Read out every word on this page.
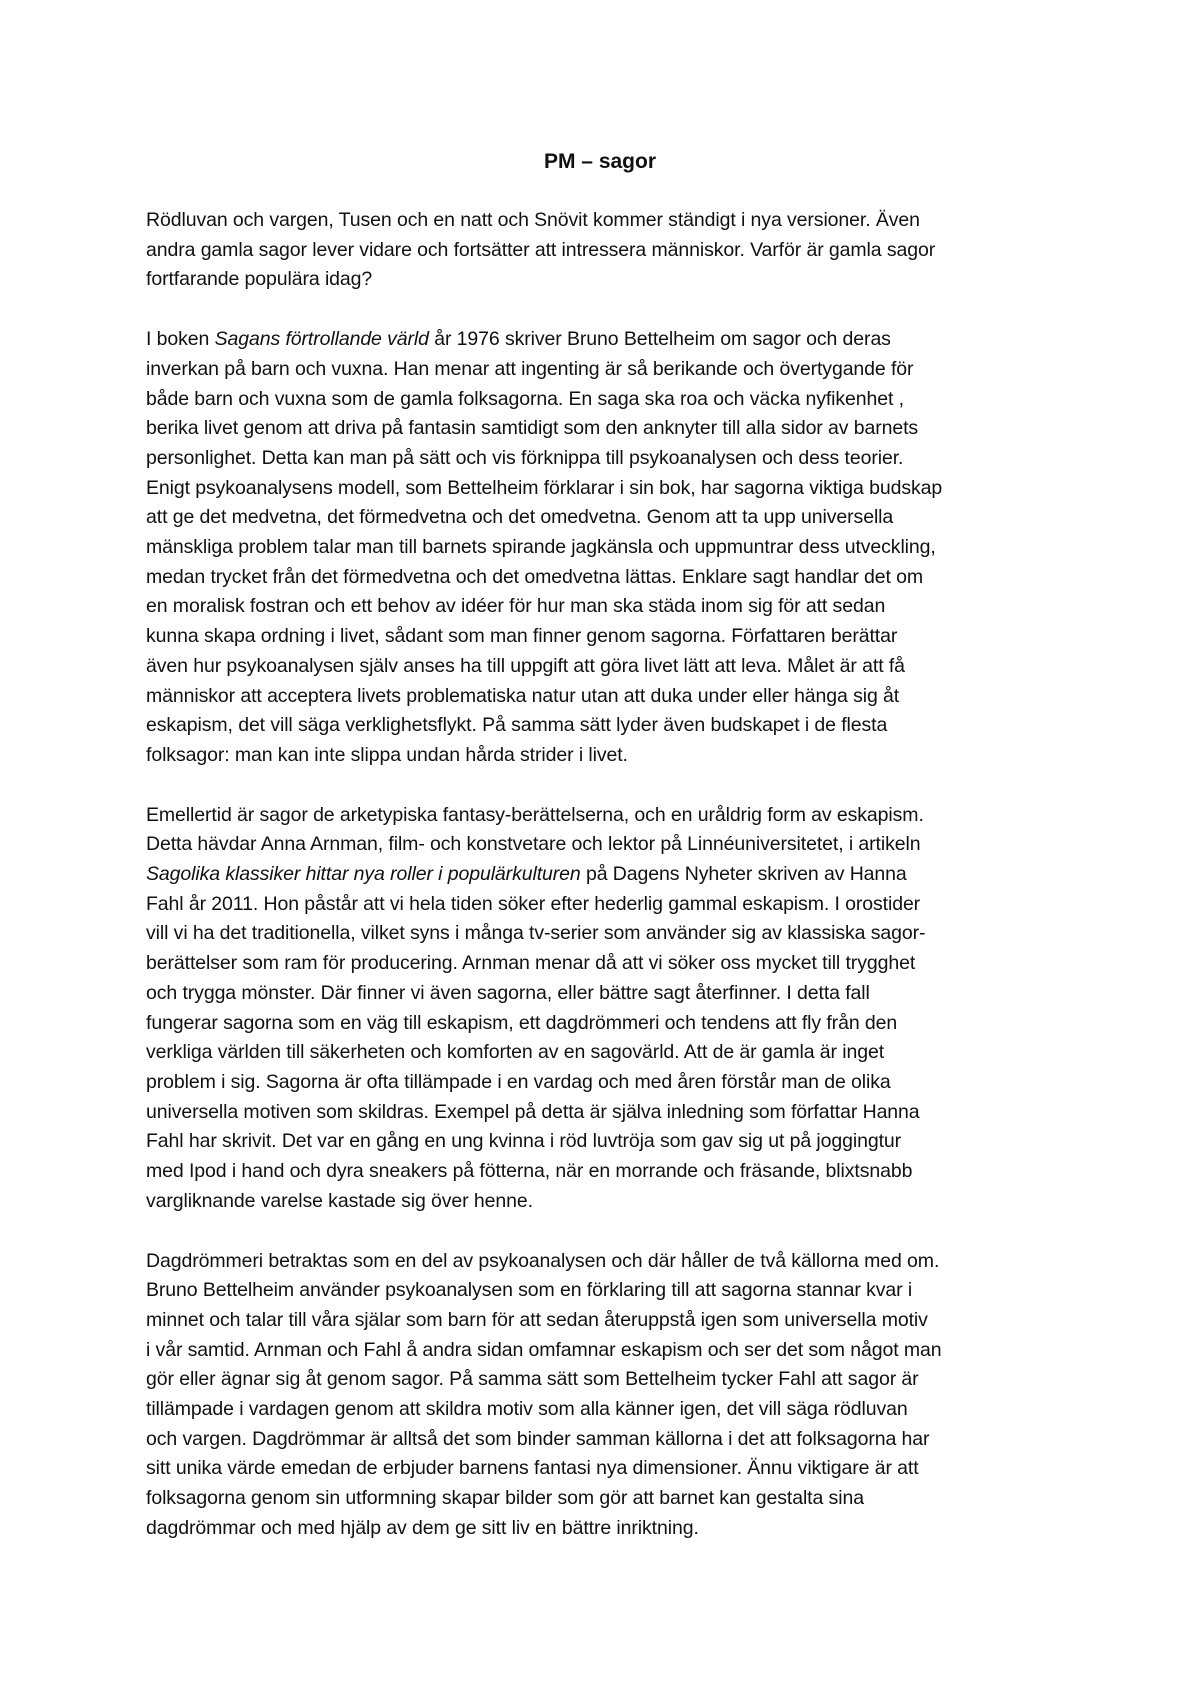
PM – sagor

Rödluvan och vargen, Tusen och en natt och Snövit kommer ständigt i nya versioner. Även
andra gamla sagor lever vidare och fortsätter att intressera människor. Varför är gamla sagor
fortfarande populära idag?

I boken Sagans förtrollande värld år 1976 skriver Bruno Bettelheim om sagor och deras
inverkan på barn och vuxna. Han menar att ingenting är så berikande och övertygande för
både barn och vuxna som de gamla folksagorna. En saga ska roa och väcka nyfikenhet ,
berika livet genom att driva på fantasin samtidigt som den anknyter till alla sidor av barnets
personlighet. Detta kan man på sätt och vis förknippa till psykoanalysen och dess teorier.
Enigt psykoanalysens modell, som Bettelheim förklarar i sin bok, har sagorna viktiga budskap
att ge det medvetna, det förmedvetna och det omedvetna. Genom att ta upp universella
mänskliga problem talar man till barnets spirande jagkänsla och uppmuntrar dess utveckling,
medan trycket från det förmedvetna och det omedvetna lättas. Enklare sagt handlar det om
en moralisk fostran och ett behov av idéer för hur man ska städa inom sig för att sedan
kunna skapa ordning i livet, sådant som man finner genom sagorna. Författaren berättar
även hur psykoanalysen själv anses ha till uppgift att göra livet lätt att leva. Målet är att få
människor att acceptera livets problematiska natur utan att duka under eller hänga sig åt
eskapism, det vill säga verklighetsflykt. På samma sätt lyder även budskapet i de flesta
folksagor: man kan inte slippa undan hårda strider i livet.

Emellertid är sagor de arketypiska fantasy-berättelserna, och en uråldrig form av eskapism.
Detta hävdar Anna Arnman, film- och konstvetare och lektor på Linnéuniversitetet, i artikeln
Sagolika klassiker hittar nya roller i populärkulturen på Dagens Nyheter skriven av Hanna
Fahl år 2011. Hon påstår att vi hela tiden söker efter hederlig gammal eskapism. I orostider
vill vi ha det traditionella, vilket syns i många tv-serier som använder sig av klassiska sagor-
berättelser som ram för producering. Arnman menar då att vi söker oss mycket till trygghet
och trygga mönster. Där finner vi även sagorna, eller bättre sagt återfinner. I detta fall
fungerar sagorna som en väg till eskapism, ett dagdrömmeri och tendens att fly från den
verkliga världen till säkerheten och komforten av en sagovärld. Att de är gamla är inget
problem i sig. Sagorna är ofta tillämpade i en vardag och med åren förstår man de olika
universella motiven som skildras. Exempel på detta är själva inledning som författar Hanna
Fahl har skrivit. Det var en gång en ung kvinna i röd luvtröja som gav sig ut på joggingtur
med Ipod i hand och dyra sneakers på fötterna, när en morrande och fräsande, blixtsnabb
vargliknande varelse kastade sig över henne.

Dagdrömmeri betraktas som en del av psykoanalysen och där håller de två källorna med om.
Bruno Bettelheim använder psykoanalysen som en förklaring till att sagorna stannar kvar i
minnet och talar till våra själar som barn för att sedan återuppstå igen som universella motiv
i vår samtid. Arnman och Fahl å andra sidan omfamnar eskapism och ser det som något man
gör eller ägnar sig åt genom sagor. På samma sätt som Bettelheim tycker Fahl att sagor är
tillämpade i vardagen genom att skildra motiv som alla känner igen, det vill säga rödluvan
och vargen. Dagdrömmar är alltså det som binder samman källorna i det att folksagorna har
sitt unika värde emedan de erbjuder barnens fantasi nya dimensioner. Ännu viktigare är att
folksagorna genom sin utformning skapar bilder som gör att barnet kan gestalta sina
dagdrömmar och med hjälp av dem ge sitt liv en bättre inriktning.
